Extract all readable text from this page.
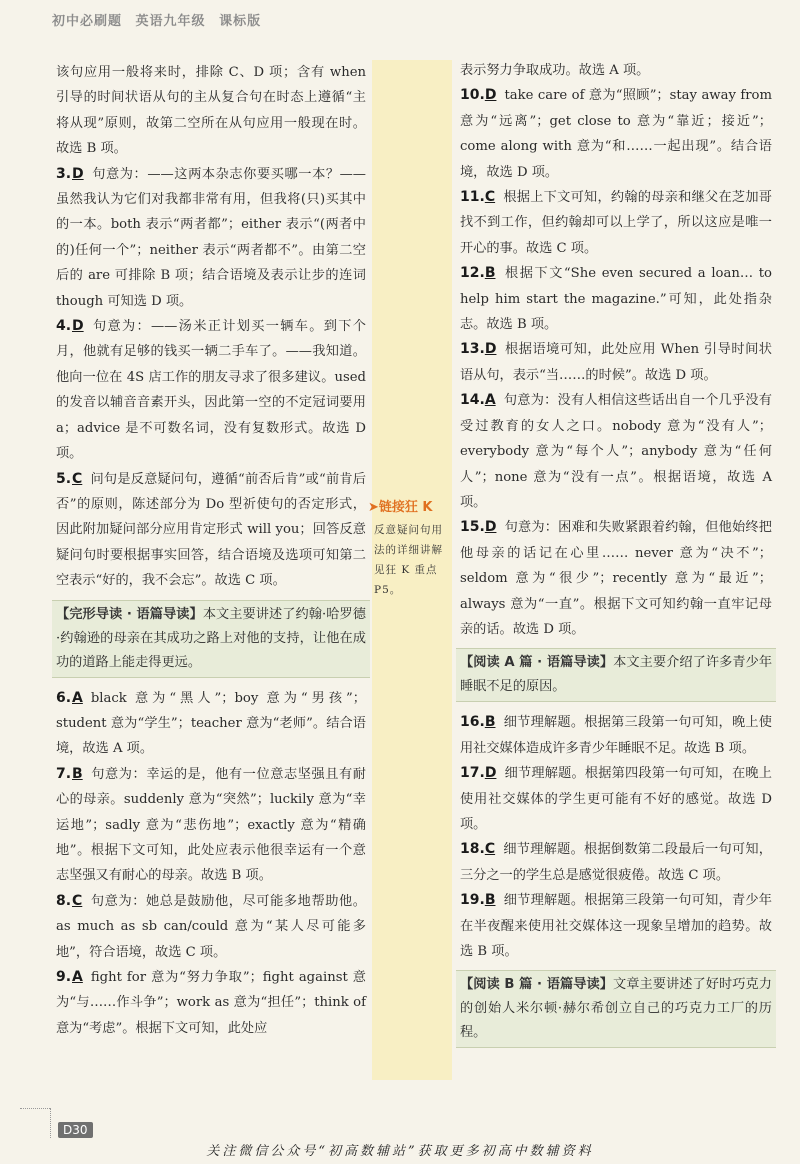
初中必刷题 英语九年级 课标版

该句应用一般将来时，排除 C、D 项；含有 when 引导的时间状语从句的主从复合句在时态上遵循“主将从现”原则，故第二空所在从句应用一般现在时。故选 B 项。

3.D 句意为：——这两本杂志你要买哪一本？——虽然我认为它们对我都非常有用，但我将(只)买其中的一本。both 表示“两者都”；either 表示“(两者中的)任何一个”；neither 表示“两者都不”。由第二空后的 are 可排除 B 项；结合语境及表示让步的连词 though 可知选 D 项。
4.D 句意为：——汤米正计划买一辆车。到下个月，他就有足够的钱买一辆二手车了。——我知道。他向一位在 4S 店工作的朋友寻求了很多建议。used 的发音以辅音音素开头，因此第一空的不定冠词要用 a；advice 是不可数名词，没有复数形式。故选 D 项。
5.C 问句是反意疑问句，遵循“前否后肯”或“前肯后否”的原则，陈述部分为 Do 型祈使句的否定形式，因此附加疑问部分应用肯定形式 will you；回答反意疑问句时要根据事实回答，结合语境及选项可知第二空表示“好的，我不会忘”。故选 C 项。
【完形导读 · 语篇导读】本文主要讲述了约翰·哈罗德·约翰逊的母亲在其成功之路上对他的支持，让他在成功的道路上能走得更远。
6.A black 意为“黑人”；boy 意为“男孩”；student 意为“学生”；teacher 意为“老师”。结合语境，故选 A 项。
7.B 句意为：幸运的是，他有一位意志坚强且有耐心的母亲。suddenly 意为“突然”；luckily 意为“幸运地”；sadly 意为“悲伤地”；exactly 意为“精确地”。根据下文可知，此处应表示他很幸运有一个意志坚强又有耐心的母亲。故选 B 项。
8.C 句意为：她总是鼓励他，尽可能多地帮助他。as much as sb can/could 意为“某人尽可能多地”，符合语境，故选 C 项。
9.A fight for 意为“努力争取”；fight against 意为“与……作斗争”；work as 意为“担任”；think of 意为“考虑”。根据下文可知，此处应
➤链接狂 K
反意疑问句用法的详细讲解见狂 K 重点 P5。

表示努力争取成功。故选 A 项。

10.D take care of 意为“照顾”；stay away from 意为“远离”；get close to 意为“靠近；接近”；come along with 意为“和……一起出现”。结合语境，故选 D 项。
11.C 根据上下文可知，约翰的母亲和继父在芝加哥找不到工作，但约翰却可以上学了，所以这应是唯一开心的事。故选 C 项。
12.B 根据下文“She even secured a loan… to help him start the magazine.”可知，此处指杂志。故选 B 项。
13.D 根据语境可知，此处应用 When 引导时间状语从句，表示“当……的时候”。故选 D 项。
14.A 句意为：没有人相信这些话出自一个几乎没有受过教育的女人之口。nobody 意为“没有人”；everybody 意为“每个人”；anybody 意为“任何人”；none 意为“没有一点”。根据语境，故选 A 项。
15.D 句意为：困难和失败紧跟着约翰，但他始终把他母亲的话记在心里…… never 意为“决不”；seldom 意为“很少”；recently 意为“最近”；always 意为“一直”。根据下文可知约翰一直牢记母亲的话。故选 D 项。
【阅读 A 篇 · 语篇导读】本文主要介绍了许多青少年睡眠不足的原因。
16.B 细节理解题。根据第三段第一句可知，晚上使用社交媒体造成许多青少年睡眠不足。故选 B 项。
17.D 细节理解题。根据第四段第一句可知，在晚上使用社交媒体的学生更可能有不好的感觉。故选 D 项。
18.C 细节理解题。根据倒数第二段最后一句可知，三分之一的学生总是感觉很疲倦。故选 C 项。
19.B 细节理解题。根据第三段第一句可知，青少年在半夜醒来使用社交媒体这一现象呈增加的趋势。故选 B 项。
【阅读 B 篇 · 语篇导读】文章主要讲述了好时巧克力的创始人米尔顿·赫尔希创立自己的巧克力工厂的历程。
D30
关注微信公众号“初高数辅站”获取更多初高中数辅资料
